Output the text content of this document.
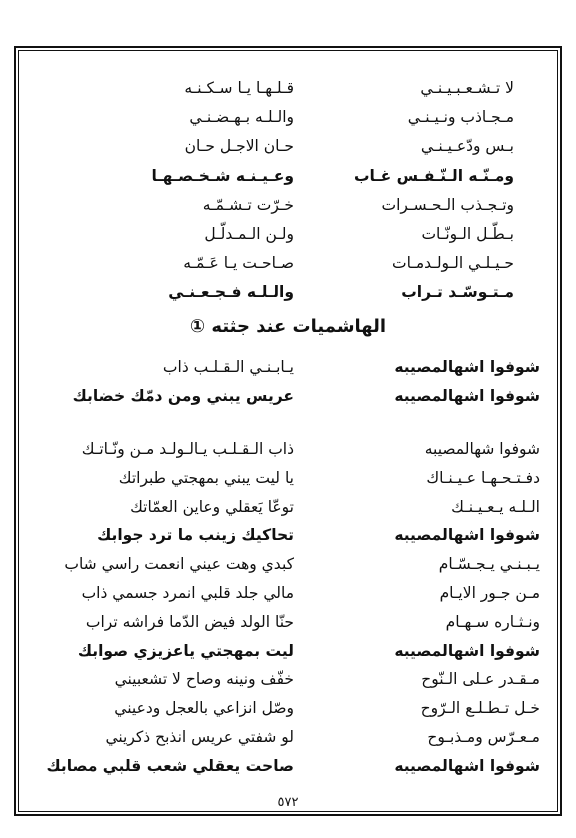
قـلـهـا يـا سـكـنـه	لا تـشـعـبـيـنـي
والـلـه بـهـضـنـي	مـجـاذب ونـيـنـي
حـان الاجـل حـان	بـس ودّعـيـنـي
وعـيـنـه شـخـصـهـا	ومـنّـه الـنّـفـس غـاب
خـرّت تـشـمّـه	وتـجـذب الـحـسـرات
ولـن الـمـدلّـل	بـطّـل الـونّـات
صـاحـت يـا عَـمّـه	حـيـلـي الـولـدمـات
والـلـه فـجـعـنـي	مـتـوسّـد تـراب
الهاشميات عند جثته ①
يـابـنـي الـقـلـب ذاب	شوفوا اشهالمصيبه
عريس يبني ومن دمّك خضابك	شوفوا اشهالمصيبه
ذاب الـقـلـب يـالـولـد مـن ونّـاتـك	شوفوا شهالمصيبه
يا ليت يبني بمهجتي طبراتك	دفـتـحـهـا عـيـنـاك
توعّا يَعقلي وعاين العمّاتك	الـلـه يـعـيـنـك
تحاكيك زينب ما ترد جوابك	شوفوا اشهالمصيبه
كبدي وهت عيني انعمت راسي شاب	يـبـنـي يـجـسّـام
مالي جلد قلبي انمرد جسمي ذاب	مـن جـور الايـام
حنّا الولد فيض الدّما فراشه تراب	ونـثـاره سـهـام
ليت بمهجتي ياعزيزي صوابك	شوفوا اشهالمصيبه
خفّف ونينه وصاح لا تشعبيني	مـقـدر عـلى الـنّوح
وصّل انزاعي بالعجل ودعيني	خـل تـطـلـع الـرّوح
لو شفتي عريس انذبح ذكريني	مـعـرّس ومـذبـوح
صاحت يعقلي شعب قلبي مصابك	شوفوا اشهالمصيبه
٥٧٢
